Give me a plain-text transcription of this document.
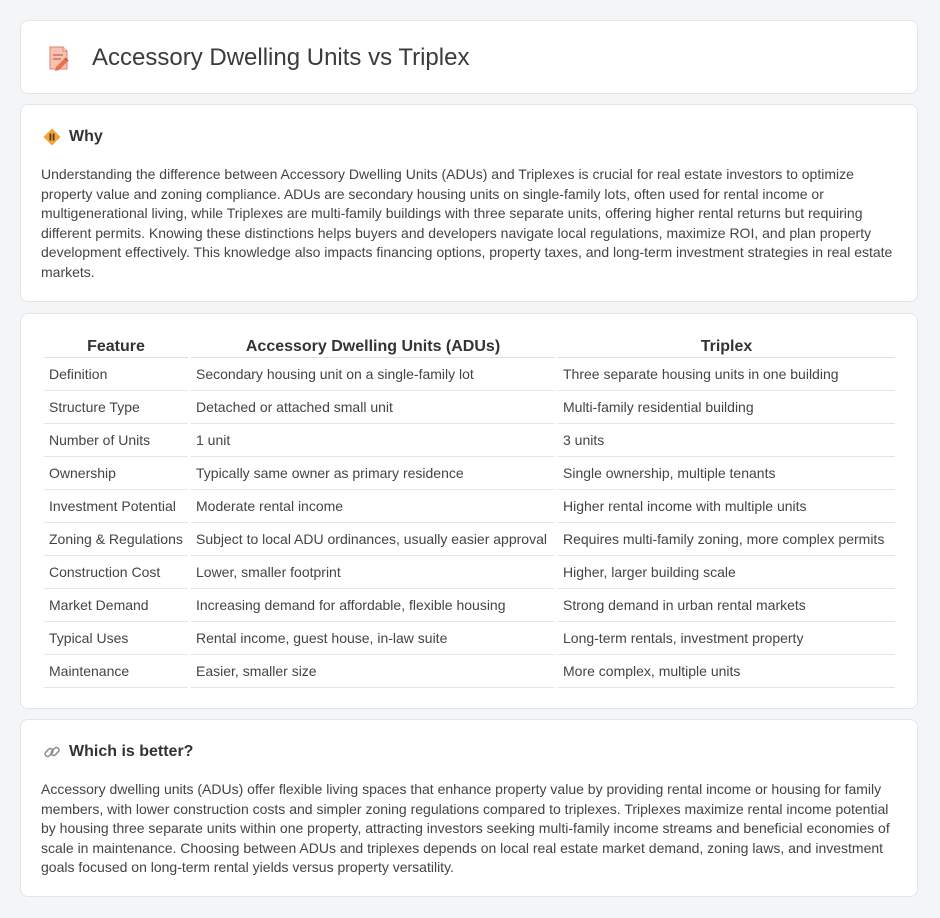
Accessory Dwelling Units vs Triplex
Why

Understanding the difference between Accessory Dwelling Units (ADUs) and Triplexes is crucial for real estate investors to optimize property value and zoning compliance. ADUs are secondary housing units on single-family lots, often used for rental income or multigenerational living, while Triplexes are multi-family buildings with three separate units, offering higher rental returns but requiring different permits. Knowing these distinctions helps buyers and developers navigate local regulations, maximize ROI, and plan property development effectively. This knowledge also impacts financing options, property taxes, and long-term investment strategies in real estate markets.

Feature	Accessory Dwelling Units (ADUs)	Triplex
Definition	Secondary housing unit on a single-family lot	Three separate housing units in one building
Structure Type	Detached or attached small unit	Multi-family residential building
Number of Units	1 unit	3 units
Ownership	Typically same owner as primary residence	Single ownership, multiple tenants
Investment Potential	Moderate rental income	Higher rental income with multiple units
Zoning & Regulations	Subject to local ADU ordinances, usually easier approval	Requires multi-family zoning, more complex permits
Construction Cost	Lower, smaller footprint	Higher, larger building scale
Market Demand	Increasing demand for affordable, flexible housing	Strong demand in urban rental markets
Typical Uses	Rental income, guest house, in-law suite	Long-term rentals, investment property
Maintenance	Easier, smaller size	More complex, multiple units
Which is better?

Accessory dwelling units (ADUs) offer flexible living spaces that enhance property value by providing rental income or housing for family members, with lower construction costs and simpler zoning regulations compared to triplexes. Triplexes maximize rental income potential by housing three separate units within one property, attracting investors seeking multi-family income streams and beneficial economies of scale in maintenance. Choosing between ADUs and triplexes depends on local real estate market demand, zoning laws, and investment goals focused on long-term rental yields versus property versatility.
